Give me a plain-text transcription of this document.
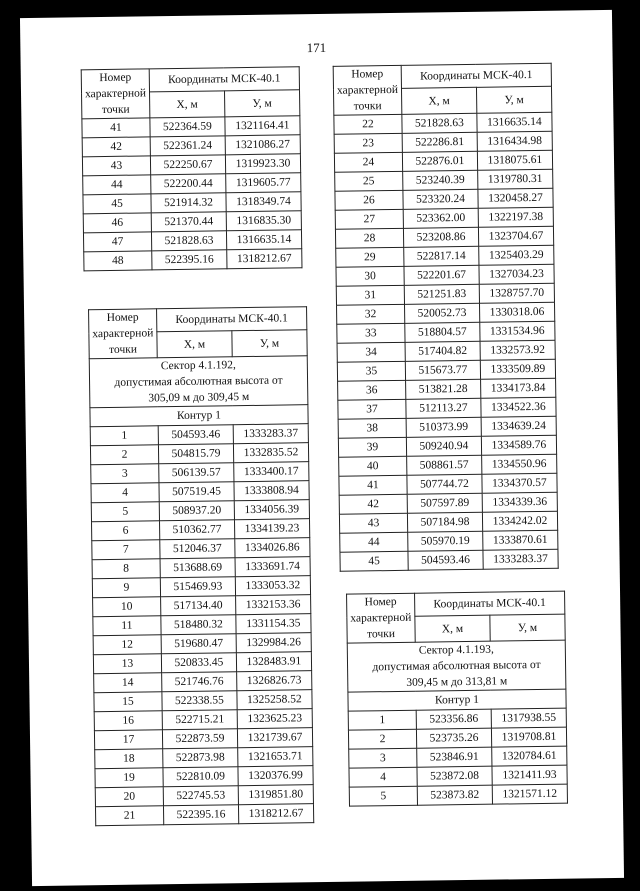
171
Номер характерной точки	Координаты МСК-40.1	
	X, м	У, м
41	522364.59	1321164.41
42	522361.24	1321086.27
43	522250.67	1319923.30
44	522200.44	1319605.77
45	521914.32	1318349.74
46	521370.44	1316835.30
47	521828.63	1316635.14
48	522395.16	1318212.67
Номер характерной точки	Координаты МСК-40.1	
	X, м	У, м

Сектор 4.1.192,
допустимая абсолютная высота от
305,09 м до 309,45 м		

Контур 1		
1	504593.46	1333283.37
2	504815.79	1332835.52
3	506139.57	1333400.17
4	507519.45	1333808.94
5	508937.20	1334056.39
6	510362.77	1334139.23
7	512046.37	1334026.86
8	513688.69	1333691.74
9	515469.93	1333053.32
10	517134.40	1332153.36
11	518480.32	1331154.35
12	519680.47	1329984.26
13	520833.45	1328483.91
14	521746.76	1326826.73
15	522338.55	1325258.52
16	522715.21	1323625.23
17	522873.59	1321739.67
18	522873.98	1321653.71
19	522810.09	1320376.99
20	522745.53	1319851.80
21	522395.16	1318212.67
Номер характерной точки	Координаты МСК-40.1	
	X, м	У, м
22	521828.63	1316635.14
23	522286.81	1316434.98
24	522876.01	1318075.61
25	523240.39	1319780.31
26	523320.24	1320458.27
27	523362.00	1322197.38
28	523208.86	1323704.67
29	522817.14	1325403.29
30	522201.67	1327034.23
31	521251.83	1328757.70
32	520052.73	1330318.06
33	518804.57	1331534.96
34	517404.82	1332573.92
35	515673.77	1333509.89
36	513821.28	1334173.84
37	512113.27	1334522.36
38	510373.99	1334639.24
39	509240.94	1334589.76
40	508861.57	1334550.96
41	507744.72	1334370.57
42	507597.89	1334339.36
43	507184.98	1334242.02
44	505970.19	1333870.61
45	504593.46	1333283.37
Номер характерной точки	Координаты МСК-40.1	
	X, м	У, м

Сектор 4.1.193,
допустимая абсолютная высота от
309,45 м до 313,81 м		

Контур 1		
1	523356.86	1317938.55
2	523735.26	1319708.81
3	523846.91	1320784.61
4	523872.08	1321411.93
5	523873.82	1321571.12
